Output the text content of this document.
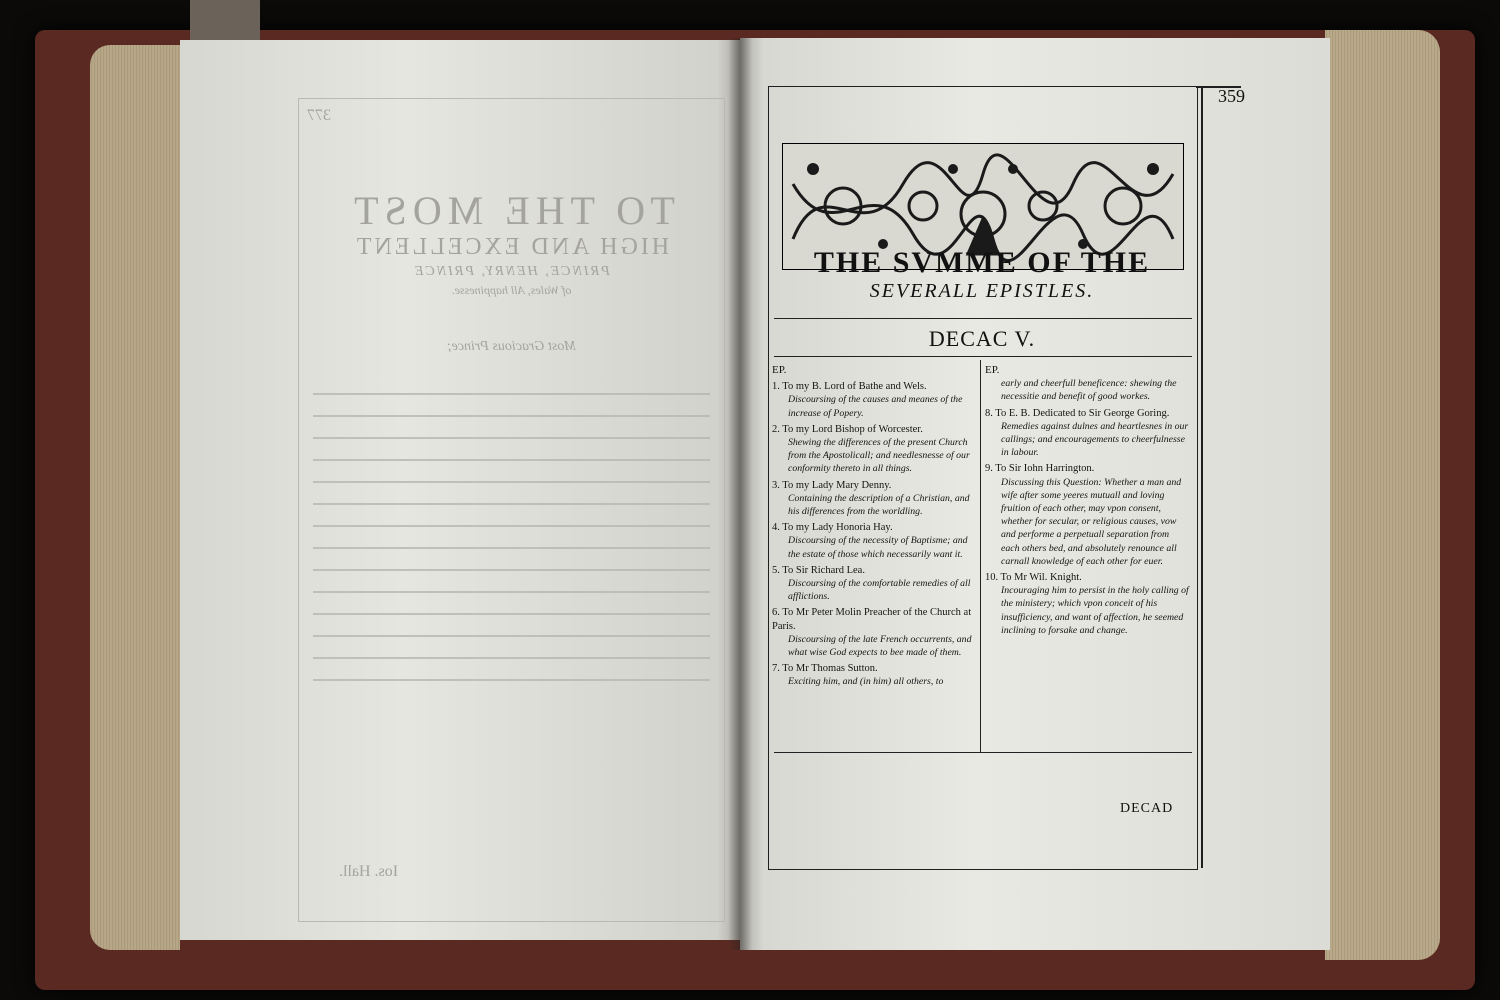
377
TO THE MOST
HIGH AND EXCELLENT
PRINCE, HENRY, PRINCE
of Wales, All happinesse.
Most Gracious Prince;
Ios. Hall.
359
THE SVMME OF THE
SEVERALL EPISTLES.
DECAC V.
EP.
1. To my B. Lord of Bathe and Wels.
Discoursing of the causes and meanes of the increase of Popery.
2. To my Lord Bishop of Worcester.
Shewing the differences of the present Church from the Apostolicall; and needlesnesse of our conformity thereto in all things.
3. To my Lady Mary Denny.
Containing the description of a Christian, and his differences from the worldling.
4. To my Lady Honoria Hay.
Discoursing of the necessity of Baptisme; and the estate of those which necessarily want it.
5. To Sir Richard Lea.
Discoursing of the comfortable remedies of all afflictions.
6. To Mr Peter Molin Preacher of the Church at Paris.
Discoursing of the late French occurrents, and what wise God expects to bee made of them.
7. To Mr Thomas Sutton.
Exciting him, and (in him) all others, to
EP.
early and cheerfull beneficence: shewing the necessitie and benefit of good workes.
8. To E. B. Dedicated to Sir George Goring.
Remedies against dulnes and heartlesnes in our callings; and encouragements to cheerfulnesse in labour.
9. To Sir Iohn Harrington.
Discussing this Question: Whether a man and wife after some yeeres mutuall and loving fruition of each other, may vpon consent, whether for secular, or religious causes, vow and performe a perpetuall separation from each others bed, and absolutely renounce all carnall knowledge of each other for euer.
10. To Mr Wil. Knight.
Incouraging him to persist in the holy calling of the ministery; which vpon conceit of his insufficiency, and want of affection, he seemed inclining to forsake and change.
DECAD
